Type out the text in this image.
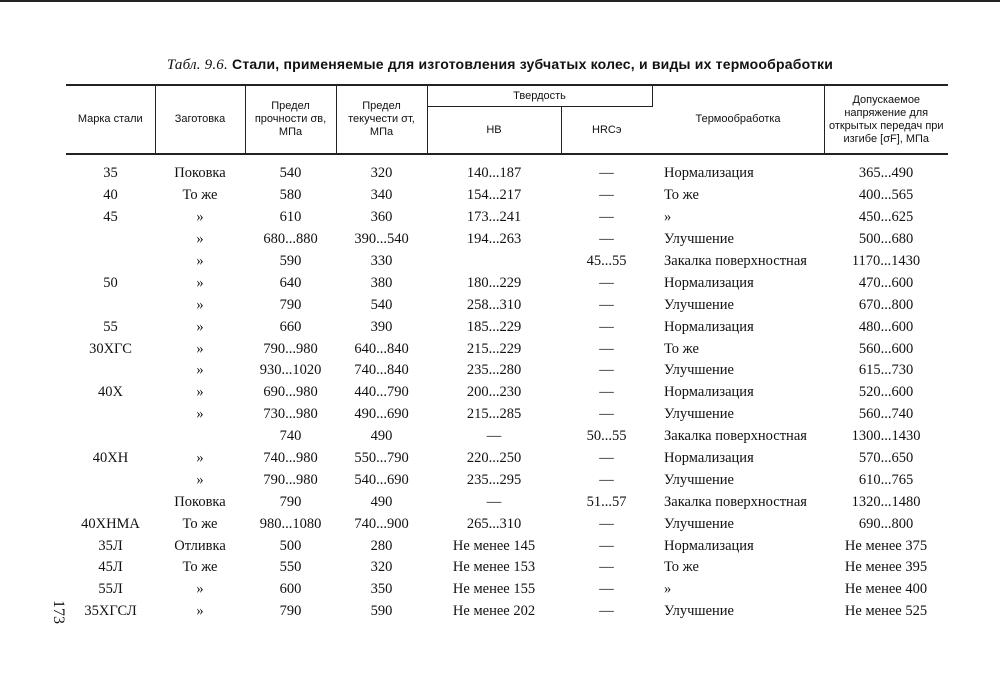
Табл. 9.6. Стали, применяемые для изготовления зубчатых колес, и виды их термообработки
Марка стали	Заготовка	Предел прочности σв, МПа	Предел текучести σт, МПа	Твердость		Термообработка	Допускаемое напряжение для открытых передач при изгибе [σF], МПа
				HB	HRCэ		

35	Поковка	540	320	140...187	—	Нормализация	365...490
40	То же	580	340	154...217	—	То же	400...565
45	»	610	360	173...241	—	»	450...625
	»	680...880	390...540	194...263	—	Улучшение	500...680
	»	590	330		45...55	Закалка поверхностная	1170...1430
50	»	640	380	180...229	—	Нормализация	470...600
	»	790	540	258...310	—	Улучшение	670...800
55	»	660	390	185...229	—	Нормализация	480...600
30ХГС	»	790...980	640...840	215...229	—	То же	560...600
	»	930...1020	740...840	235...280	—	Улучшение	615...730
40Х	»	690...980	440...790	200...230	—	Нормализация	520...600
	»	730...980	490...690	215...285	—	Улучшение	560...740
		740	490	—	50...55	Закалка поверхностная	1300...1430
40ХН	»	740...980	550...790	220...250	—	Нормализация	570...650
	»	790...980	540...690	235...295	—	Улучшение	610...765
	Поковка	790	490	—	51...57	Закалка поверхностная	1320...1480
40ХНМА	То же	980...1080	740...900	265...310	—	Улучшение	690...800
35Л	Отливка	500	280	Не менее 145	—	Нормализация	Не менее 375
45Л	То же	550	320	Не менее 153	—	То же	Не менее 395
55Л	»	600	350	Не менее 155	—	»	Не менее 400
35ХГСЛ	»	790	590	Не менее 202	—	Улучшение	Не менее 525
173
